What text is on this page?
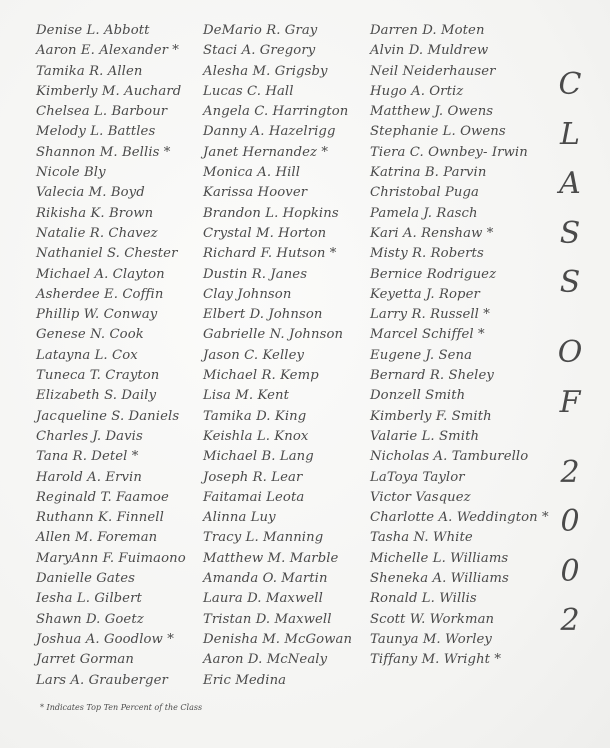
Denise L. Abbott
Aaron E. Alexander *
Tamika R. Allen
Kimberly M. Auchard
Chelsea L. Barbour
Melody L. Battles
Shannon M. Bellis *
Nicole Bly
Valecia M. Boyd
Rikisha K. Brown
Natalie R. Chavez
Nathaniel S. Chester
Michael A. Clayton
Asherdee E. Coffin
Phillip W. Conway
Genese N. Cook
Latayna L. Cox
Tuneca T. Crayton
Elizabeth S. Daily
Jacqueline S. Daniels
Charles J. Davis
Tana R. Detel *
Harold A. Ervin
Reginald T. Faamoe
Ruthann K. Finnell
Allen M. Foreman
MaryAnn F. Fuimaono
Danielle Gates
Iesha L. Gilbert
Shawn D. Goetz
Joshua A. Goodlow *
Jarret Gorman
Lars A. Grauberger
DeMario R. Gray
Staci A. Gregory
Alesha M. Grigsby
Lucas C. Hall
Angela C. Harrington
Danny A. Hazelrigg
Janet Hernandez *
Monica A. Hill
Karissa Hoover
Brandon L. Hopkins
Crystal M. Horton
Richard F. Hutson *
Dustin R. Janes
Clay Johnson
Elbert D. Johnson
Gabrielle N. Johnson
Jason C. Kelley
Michael R. Kemp
Lisa M. Kent
Tamika D. King
Keishla L. Knox
Michael B. Lang
Joseph R. Lear
Faitamai Leota
Alinna Luy
Tracy L. Manning
Matthew M. Marble
Amanda O. Martin
Laura D. Maxwell
Tristan D. Maxwell
Denisha M. McGowan
Aaron D. McNealy
Eric Medina
Darren D. Moten
Alvin D. Muldrew
Neil Neiderhauser
Hugo A. Ortiz
Matthew J. Owens
Stephanie L. Owens
Tiera C. Ownbey- Irwin
Katrina B. Parvin
Christobal Puga
Pamela J. Rasch
Kari A. Renshaw *
Misty R. Roberts
Bernice Rodriguez
Keyetta J. Roper
Larry R. Russell *
Marcel Schiffel *
Eugene J. Sena
Bernard R. Sheley
Donzell Smith
Kimberly F. Smith
Valarie L. Smith
Nicholas A. Tamburello
LaToya Taylor
Victor Vasquez
Charlotte A. Weddington *
Tasha N. White
Michelle L. Williams
Sheneka A. Williams
Ronald L. Willis
Scott W. Workman
Taunya M. Worley
Tiffany M. Wright *
C
L
A
S
S
O
F
2
0
0
2
* Indicates Top Ten Percent of the Class
